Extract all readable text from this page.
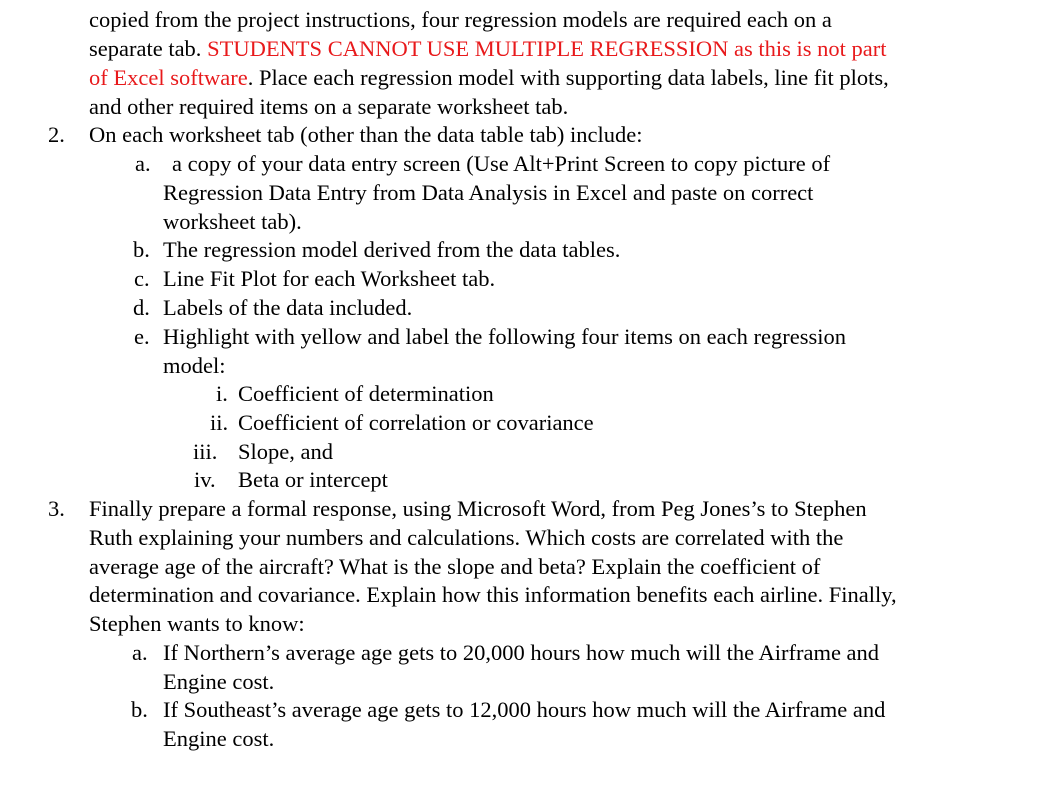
copied from the project instructions, four regression models are required each on a
separate tab. STUDENTS CANNOT USE MULTIPLE REGRESSION as this is not part
of Excel software. Place each regression model with supporting data labels, line fit plots,
and other required items on a separate worksheet tab.
2. On each worksheet tab (other than the data table tab) include:
a. a copy of your data entry screen (Use Alt+Print Screen to copy picture of
Regression Data Entry from Data Analysis in Excel and paste on correct
worksheet tab).
b. The regression model derived from the data tables.
c. Line Fit Plot for each Worksheet tab.
d. Labels of the data included.
e. Highlight with yellow and label the following four items on each regression
model:
i. Coefficient of determination
ii. Coefficient of correlation or covariance
iii. Slope, and
iv. Beta or intercept
3. Finally prepare a formal response, using Microsoft Word, from Peg Jones’s to Stephen
Ruth explaining your numbers and calculations. Which costs are correlated with the
average age of the aircraft? What is the slope and beta? Explain the coefficient of
determination and covariance. Explain how this information benefits each airline. Finally,
Stephen wants to know:
a. If Northern’s average age gets to 20,000 hours how much will the Airframe and
Engine cost.
b. If Southeast’s average age gets to 12,000 hours how much will the Airframe and
Engine cost.
